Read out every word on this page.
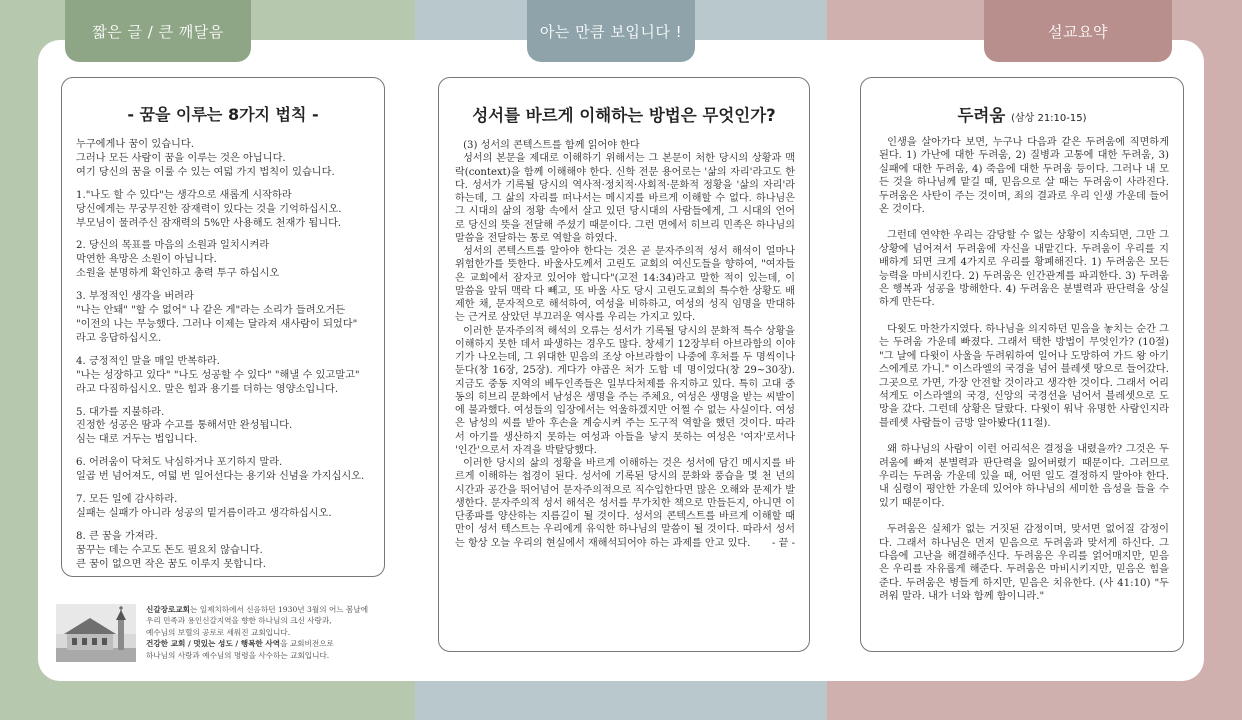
짧은 글 / 큰 깨달음	아는 만큼 보입니다 !	설교요약
- 꿈을 이루는 8가지 법칙 -

누구에게나 꿈이 있습니다.
그러나 모든 사람이 꿈을 이루는 것은 아닙니다.
여기 당신의 꿈을 이룰 수 있는 여덟 가지 법칙이 있습니다.

1."나도 할 수 있다"는 생각으로 새롭게 시작하라
당신에게는 무궁무진한 잠재력이 있다는 것을 기억하십시오.
부모님이 물려주신 잠재력의 5%만 사용해도 천재가 됩니다.

2. 당신의 목표를 마음의 소원과 일치시켜라
막연한 욕망은 소원이 아닙니다.
소원을 분명하게 확인하고 총력 투구 하십시오

3. 부정적인 생각을 버려라
"나는 안돼" "할 수 없어" 나 같은 게"라는 소리가 들려오거든
"이전의 나는 무능했다. 그러나 이제는 달라져 새사람이 되었다"
라고 응답하십시오.

4. 긍정적인 말을 매일 반복하라.
"나는 성장하고 있다" "나도 성공할 수 있다" "해낼 수 있고말고"
라고 다짐하십시오. 말은 힘과 용기를 더하는 영양소입니다.

5. 대가를 지불하라.
진정한 성공은 땀과 수고를 통해서만 완성됩니다.
심는 대로 거두는 법입니다.

6. 어려움이 닥쳐도 낙심하거나 포기하지 말라.
일곱 번 넘어져도, 여덟 번 일어선다는 용기와 신념을 가지십시오.

7. 모든 일에 감사하라.
실패는 실패가 아니라 성공의 밑거름이라고 생각하십시오.

8. 큰 꿈을 가져라.
꿈꾸는 데는 수고도 돈도 필요치 않습니다.
큰 꿈이 없으면 작은 꿈도 이루지 못합니다.

신갈장로교회는 일제치하에서 신음하던 1930년 3월의 어느 봄날에
우리 민족과 용인신갈지역을 향한 하나님의 크신 사랑과,
예수님의 보혈의 공로로 세워진 교회입니다.
건강한 교회 / 멋있는 성도 / 행복한 사역을 교회비전으로
하나님의 사랑과 예수님의 명령을 사수하는 교회입니다.
성서를 바르게 이해하는 방법은 무엇인가?

(3) 성서의 콘텍스트를 함께 읽어야 한다

성서의 본문을 제대로 이해하기 위해서는 그 본문이 처한 당시의 상황과 맥락(context)을 함께 이해해야 한다. 신학 전문 용어로는 '삶의 자리'라고도 한다. 성서가 기록될 당시의 역사적·정치적·사회적·문화적 정황을 '삶의 자리'라 하는데, 그 삶의 자리를 떠나서는 메시지를 바르게 이해할 수 없다. 하나님은 그 시대의 삶의 정황 속에서 살고 있던 당시대의 사람들에게, 그 시대의 언어로 당신의 뜻을 전달해 주셨기 때문이다. 그런 면에서 히브리 민족은 하나님의 말씀을 전달하는 통로 역할을 하였다.

성서의 콘텍스트를 알아야 한다는 것은 곧 문자주의적 성서 해석이 얼마나 위험한가를 뜻한다. 바울사도께서 고린도 교회의 여신도들을 향하여, "여자들은 교회에서 잠자코 있어야 합니다"(고전 14:34)라고 말한 적이 있는데, 이 말씀을 앞뒤 맥락 다 빼고, 또 바울 사도 당시 고린도교회의 특수한 상황도 배제한 채, 문자적으로 해석하여, 여성을 비하하고, 여성의 성직 임명을 반대하는 근거로 삼았던 부끄러운 역사를 우리는 가지고 있다.

이러한 문자주의적 해석의 오류는 성서가 기록될 당시의 문화적 특수 상황을 이해하지 못한 데서 파생하는 경우도 많다. 창세기 12장부터 아브라함의 이야기가 나오는데, 그 위대한 믿음의 조상 아브라함이 나중에 후처를 두 명씩이나 둔다(창 16장, 25장). 게다가 야곱은 처가 도합 네 명이었다(창 29~30장). 지금도 중동 지역의 베두인족들은 일부다처제를 유지하고 있다. 특히 고대 중동의 히브리 문화에서 남성은 생명을 주는 주체요, 여성은 생명을 받는 씨밭이에 불과했다. 여성들의 입장에서는 억울하겠지만 어쩔 수 없는 사실이다. 여성은 남성의 씨를 받아 후손을 계승시켜 주는 도구적 역할을 했던 것이다. 따라서 아기를 생산하지 못하는 여성과 아들을 낳지 못하는 여성은 '여자'로서나 '인간'으로서 자격을 박탈당했다.

이러한 당시의 삶의 정황을 바르게 이해하는 것은 성서에 담긴 메시지를 바르게 이해하는 첩경이 된다. 성서에 기록된 당시의 문화와 풍습을 몇 천 년의 시간과 공간을 뛰어넘어 문자주의적으로 직수입한다면 많은 오해와 문제가 발생한다. 문자주의적 성서 해석은 성서를 무가치한 책으로 만들든지, 아니면 이단종파를 양산하는 지름길이 될 것이다. 성서의 콘텍스트를 바르게 이해할 때만이 성서 텍스트는 우리에게 유익한 하나님의 말씀이 될 것이다. 따라서 성서는 항상 오늘 우리의 현실에서 재해석되어야 하는 과제를 안고 있다.	- 끝 -

두려움 (삼상 21:10-15)

인생을 살아가다 보면, 누구나 다음과 같은 두려움에 직면하게 된다. 1) 가난에 대한 두려움, 2) 질병과 고통에 대한 두려움, 3) 실패에 대한 두려움, 4) 죽음에 대한 두려움 등이다. 그러나 내 모든 것을 하나님께 맡길 때, 믿음으로 살 때는 두려움이 사라진다. 두려움은 사탄이 주는 것이며, 죄의 결과로 우리 인생 가운데 들어온 것이다.

그런데 연약한 우리는 감당할 수 없는 상황이 지속되면, 그만 그 상황에 넘어져서 두려움에 자신을 내맡긴다. 두려움이 우리를 지배하게 되면 크게 4가지로 우리를 황폐해진다. 1) 두려움은 모든 능력을 마비시킨다. 2) 두려움은 인간관계를 파괴한다. 3) 두려움은 행복과 성공을 방해한다. 4) 두려움은 분별력과 판단력을 상실하게 만든다.

다윗도 마찬가지였다. 하나님을 의지하던 믿음을 놓치는 순간 그는 두려움 가운데 빠졌다. 그래서 택한 방법이 무엇인가? (10절) "그 날에 다윗이 사울을 두려워하여 일어나 도망하여 가드 왕 아기스에게로 가니." 이스라엘의 국경을 넘어 블레셋 땅으로 들어갔다. 그곳으로 가면, 가장 안전할 것이라고 생각한 것이다. 그래서 어리석게도 이스라엘의 국경, 신앙의 국경선을 넘어서 블레셋으로 도망을 갔다. 그런데 상황은 달랐다. 다윗이 워낙 유명한 사람인지라 블레셋 사람들이 금방 알아봤다(11절).

왜 하나님의 사람이 이런 어리석은 결정을 내렸을까? 그것은 두려움에 빠져 분별력과 판단력을 잃어버렸기 때문이다. 그러므로 우리는 두려움 가운데 있을 때, 어떤 일도 결정하지 말아야 한다. 내 심령이 평안한 가운데 있어야 하나님의 세미한 음성을 들을 수 있기 때문이다.

두려움은 실체가 없는 거짓된 감정이며, 맞서면 없어질 감정이다. 그래서 하나님은 먼저 믿음으로 두려움과 맞서게 하신다. 그 다음에 고난을 해결해주신다. 두려움은 우리를 얽어매지만, 믿음은 우리를 자유롭게 해준다. 두려움은 마비시키지만, 믿음은 힘을 준다. 두려움은 병들게 하지만, 믿음은 치유한다. (사 41:10) "두려워 말라. 내가 너와 함께 함이니라."
